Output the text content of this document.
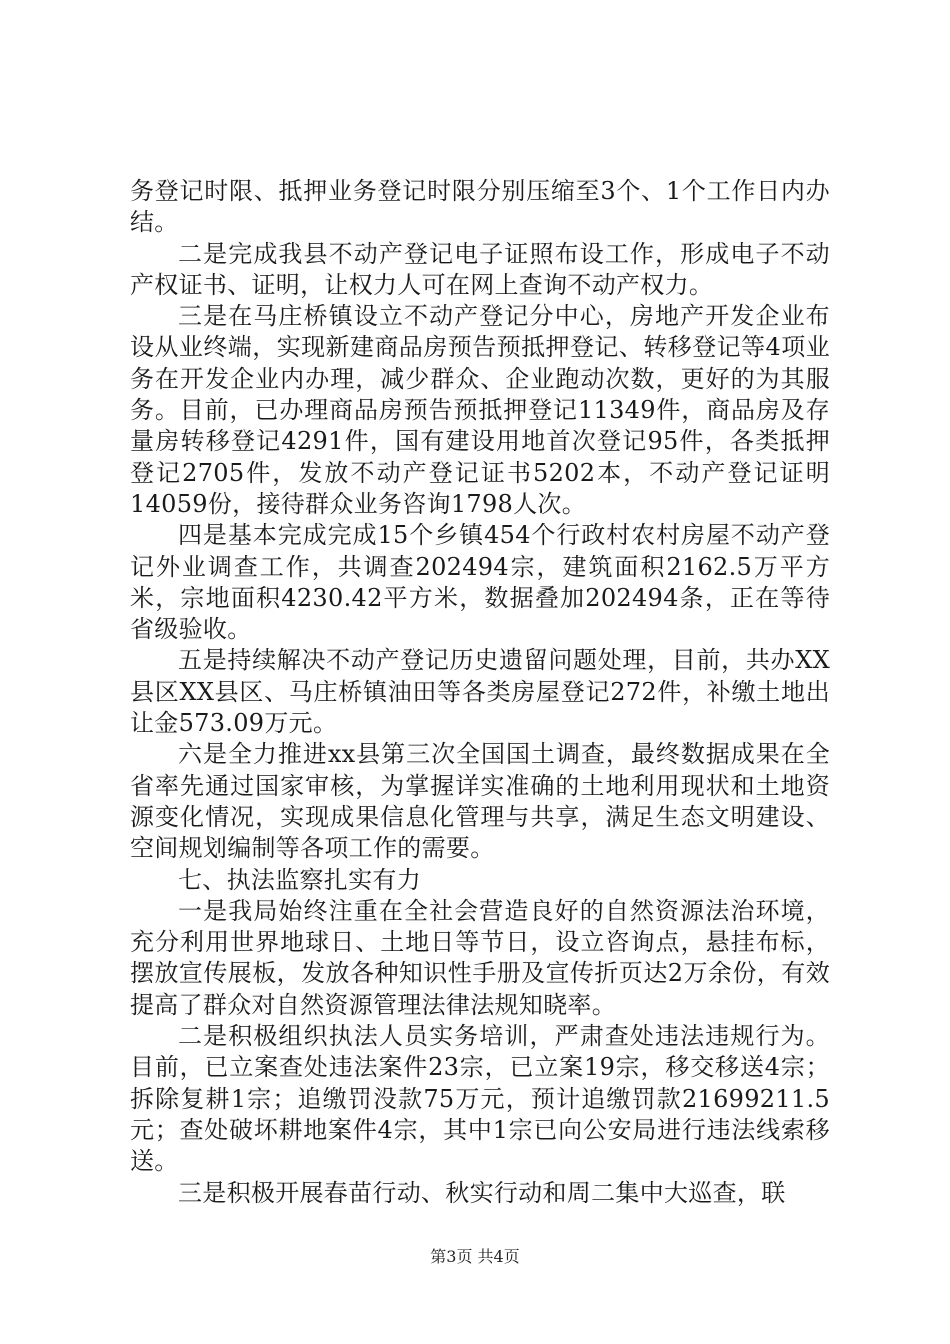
务登记时限、抵押业务登记时限分别压缩至3个、1个工作日内办结。

二是完成我县不动产登记电子证照布设工作，形成电子不动产权证书、证明，让权力人可在网上查询不动产权力。

三是在马庄桥镇设立不动产登记分中心，房地产开发企业布设从业终端，实现新建商品房预告预抵押登记、转移登记等4项业务在开发企业内办理，减少群众、企业跑动次数，更好的为其服务。目前，已办理商品房预告预抵押登记11349件，商品房及存量房转移登记4291件，国有建设用地首次登记95件，各类抵押登记2705件，发放不动产登记证书5202本，不动产登记证明14059份，接待群众业务咨询1798人次。

四是基本完成完成15个乡镇454个行政村农村房屋不动产登记外业调查工作，共调查202494宗，建筑面积2162.5万平方米，宗地面积4230.42平方米，数据叠加202494条，正在等待省级验收。

五是持续解决不动产登记历史遗留问题处理，目前，共办XX县区XX县区、马庄桥镇油田等各类房屋登记272件，补缴土地出让金573.09万元。

六是全力推进xx县第三次全国国土调查，最终数据成果在全省率先通过国家审核，为掌握详实准确的土地利用现状和土地资源变化情况，实现成果信息化管理与共享，满足生态文明建设、空间规划编制等各项工作的需要。

七、执法监察扎实有力

一是我局始终注重在全社会营造良好的自然资源法治环境，充分利用世界地球日、土地日等节日，设立咨询点，悬挂布标，摆放宣传展板，发放各种知识性手册及宣传折页达2万余份，有效提高了群众对自然资源管理法律法规知晓率。

二是积极组织执法人员实务培训，严肃查处违法违规行为。目前，已立案查处违法案件23宗，已立案19宗，移交移送4宗；拆除复耕1宗；追缴罚没款75万元，预计追缴罚款21699211.5元；查处破坏耕地案件4宗，其中1宗已向公安局进行违法线索移送。

三是积极开展春苗行动、秋实行动和周二集中大巡查，联

第3页 共4页
